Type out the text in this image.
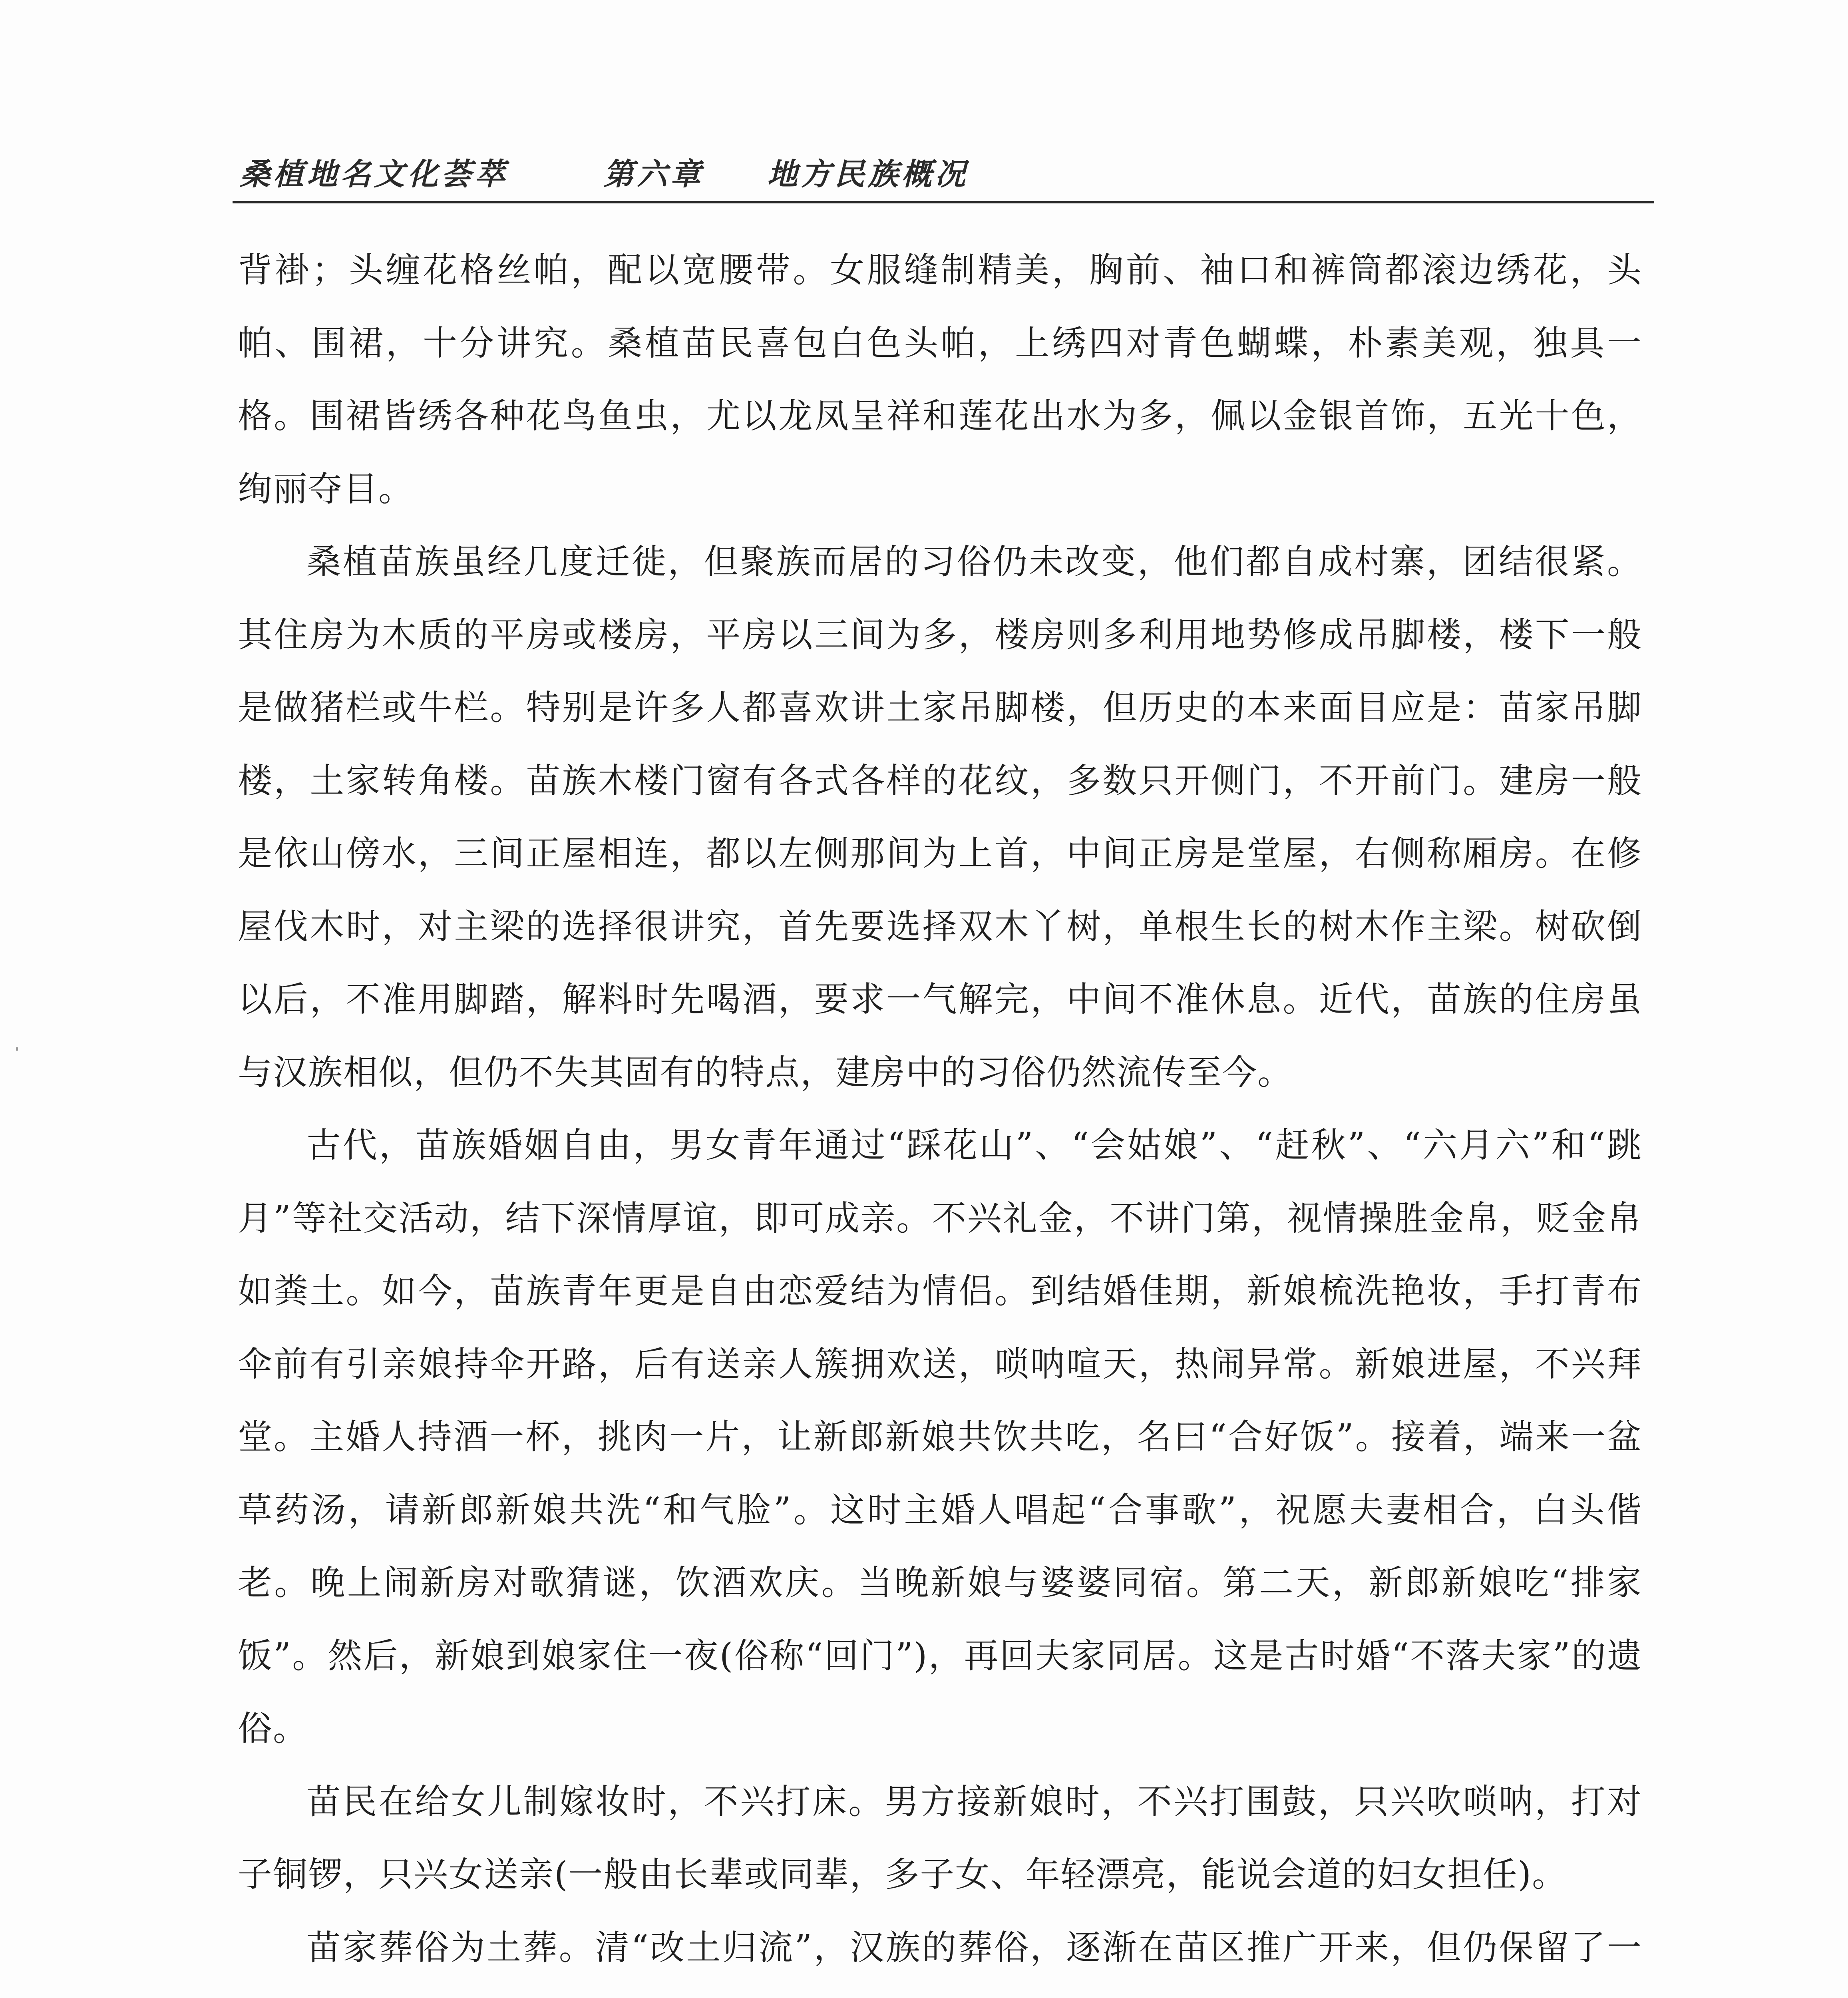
桑植地名文化荟萃	第六章 地方民族概况

背褂；头缠花格丝帕，配以宽腰带。女服缝制精美，胸前、袖口和裤筒都滚边绣花，头帕、围裙，十分讲究。桑植苗民喜包白色头帕，上绣四对青色蝴蝶，朴素美观，独具一格。围裙皆绣各种花鸟鱼虫，尤以龙凤呈祥和莲花出水为多，佩以金银首饰，五光十色，绚丽夺目。

桑植苗族虽经几度迁徙，但聚族而居的习俗仍未改变，他们都自成村寨，团结很紧。其住房为木质的平房或楼房，平房以三间为多，楼房则多利用地势修成吊脚楼，楼下一般是做猪栏或牛栏。特别是许多人都喜欢讲土家吊脚楼，但历史的本来面目应是：苗家吊脚楼，土家转角楼。苗族木楼门窗有各式各样的花纹，多数只开侧门，不开前门。建房一般是依山傍水，三间正屋相连，都以左侧那间为上首，中间正房是堂屋，右侧称厢房。在修屋伐木时，对主梁的选择很讲究，首先要选择双木丫树，单根生长的树木作主梁。树砍倒以后，不准用脚踏，解料时先喝酒，要求一气解完，中间不准休息。近代，苗族的住房虽与汉族相似，但仍不失其固有的特点，建房中的习俗仍然流传至今。

古代，苗族婚姻自由，男女青年通过“踩花山”、“会姑娘”、“赶秋”、“六月六”和“跳月”等社交活动，结下深情厚谊，即可成亲。不兴礼金，不讲门第，视情操胜金帛，贬金帛如粪土。如今，苗族青年更是自由恋爱结为情侣。到结婚佳期，新娘梳洗艳妆，手打青布伞前有引亲娘持伞开路，后有送亲人簇拥欢送，唢呐喧天，热闹异常。新娘进屋，不兴拜堂。主婚人持酒一杯，挑肉一片，让新郎新娘共饮共吃，名曰“合好饭”。接着，端来一盆草药汤，请新郎新娘共洗“和气脸”。这时主婚人唱起“合事歌”，祝愿夫妻相合，白头偕老。晚上闹新房对歌猜谜，饮酒欢庆。当晚新娘与婆婆同宿。第二天，新郎新娘吃“排家饭”。然后，新娘到娘家住一夜(俗称“回门”)，再回夫家同居。这是古时婚“不落夫家”的遗俗。

苗民在给女儿制嫁妆时，不兴打床。男方接新娘时，不兴打围鼓，只兴吹唢呐，打对子铜锣，只兴女送亲(一般由长辈或同辈，多子女、年轻漂亮，能说会道的妇女担任)。

苗家葬俗为土葬。清“改土归流”，汉族的葬俗，逐渐在苗区推广开来，但仍保留了一
